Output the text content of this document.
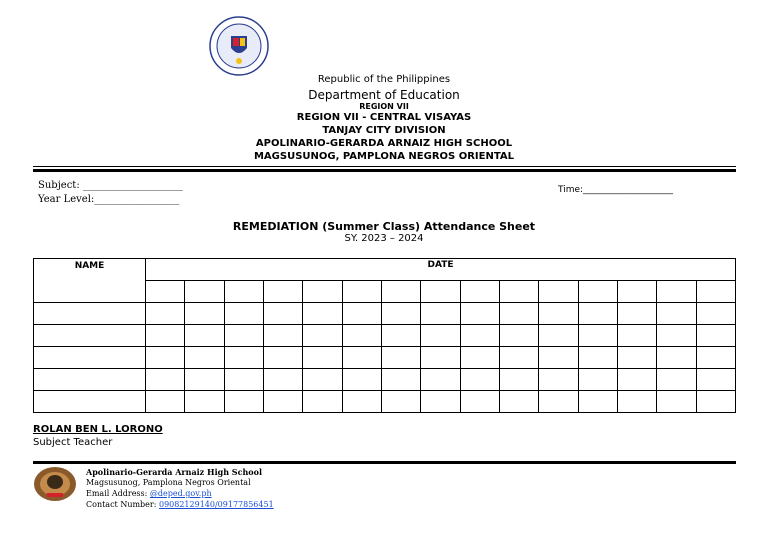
Republic of the Philippines
Department of Education
REGION VII
REGION VII - CENTRAL VISAYAS
TANJAY CITY DIVISION
APOLINARIO-GERARDA ARNAIZ HIGH SCHOOL
MAGSUSUNOG, PAMPLONA NEGROS ORIENTAL
Subject: ____________________
Year Level:_________________
Time:____________________
REMEDIATION (Summer Class) Attendance Sheet
SY. 2023 – 2024
NAME	DATE														

ROLAN BEN L. LORONO
Subject Teacher
Apolinario-Gerarda Arnaiz High School
Magsusunog, Pamplona Negros Oriental
Email Address: @deped.gov.ph
Contact Number: 09082129140/09177856451
